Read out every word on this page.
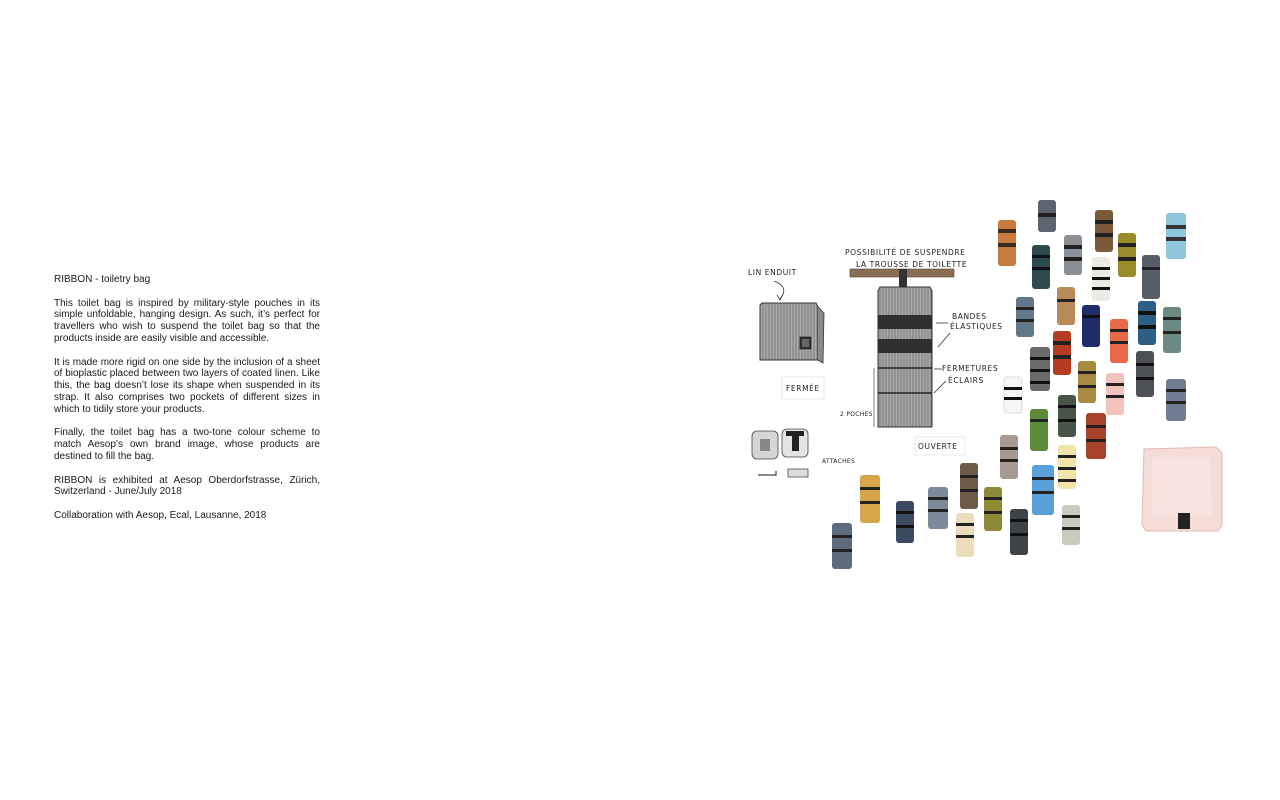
RIBBON - toiletry bag

This toilet bag is inspired by military-style pouches in its simple unfoldable, hanging design. As such, it’s perfect for travellers who wish to suspend the toilet bag so that the products inside are easily visible and accessible.

It is made more rigid on one side by the inclusion of a sheet of bioplastic placed between two layers of coated linen. Like this, the bag doesn’t lose its shape when suspended in its strap. It also comprises two pockets of different sizes in which to tidily store your products.

Finally, the toilet bag has a two-tone colour scheme to match Aesop’s own brand image, whose products are destined to fill the bag.

RIBBON is exhibited at Aesop Oberdorfstrasse, Zürich, Switzerland - June/July 2018

Collaboration with Aesop, Ecal, Lausanne, 2018

LIN ENDUIT
FERMÉE
ATTACHES
POSSIBILITÉ DE SUSPENDRE
LA TROUSSE DE TOILETTE
BANDES
ÉLASTIQUES
FERMETURES
ÉCLAIRS
2 POCHES
OUVERTE
